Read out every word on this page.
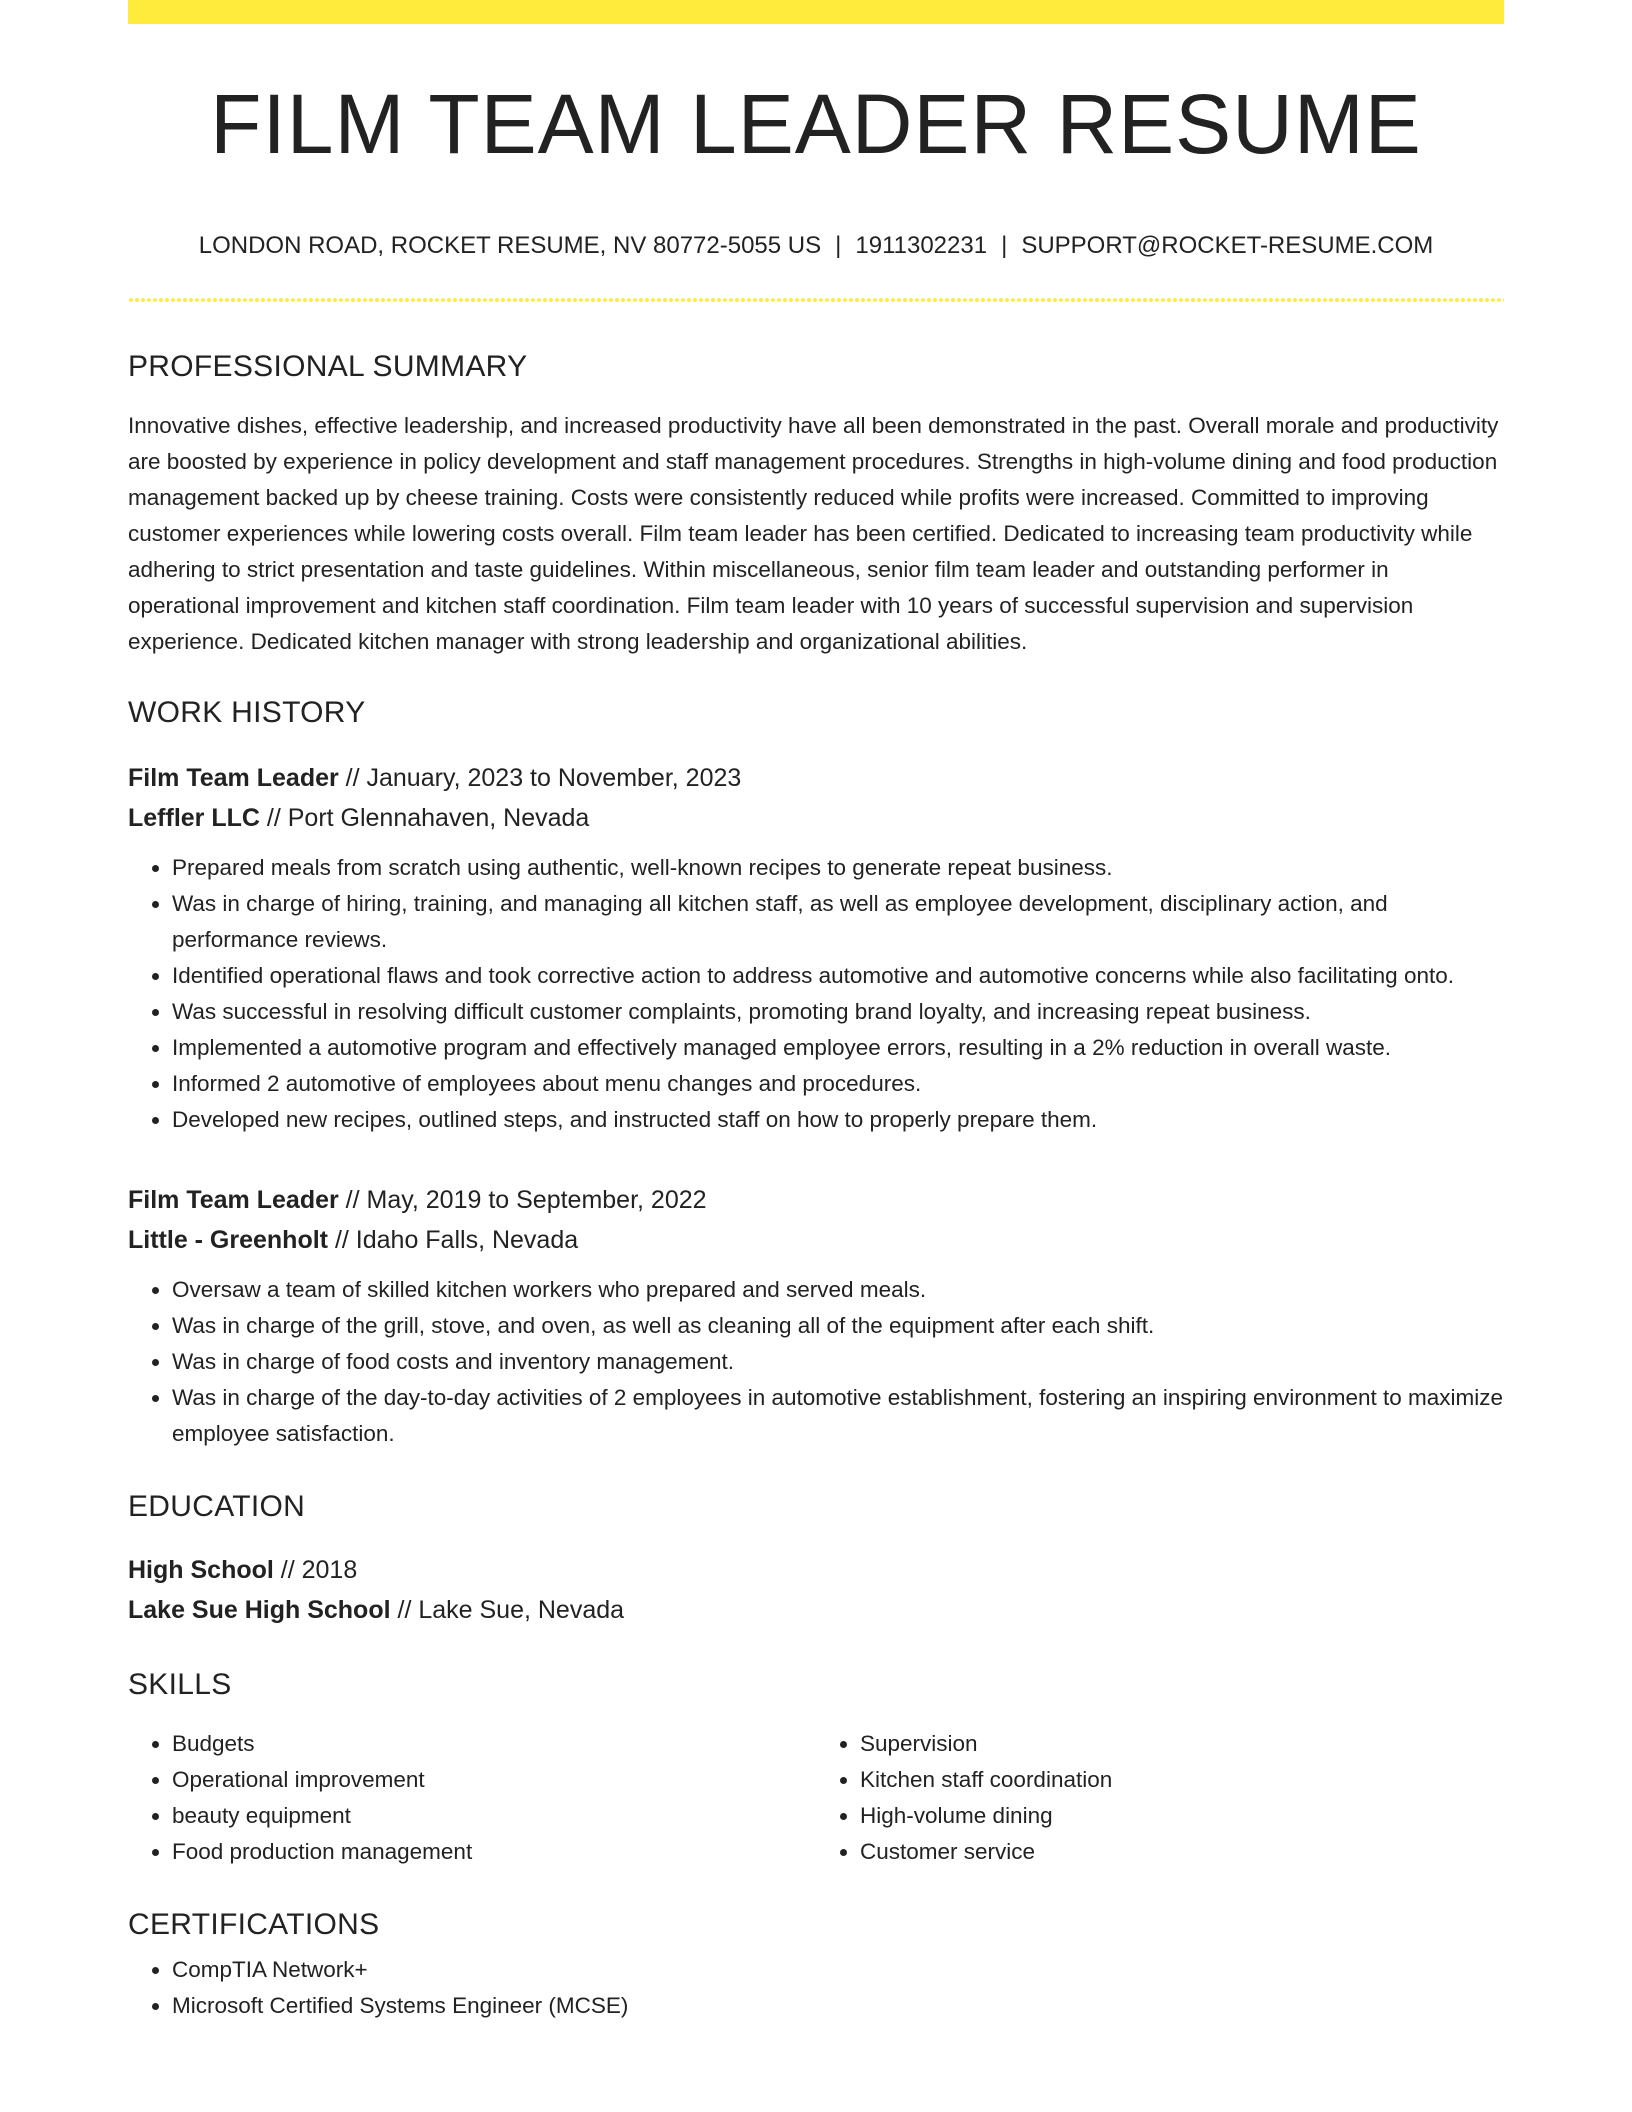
FILM TEAM LEADER RESUME
LONDON ROAD, ROCKET RESUME, NV 80772-5055 US | 1911302231 | SUPPORT@ROCKET-RESUME.COM
PROFESSIONAL SUMMARY
Innovative dishes, effective leadership, and increased productivity have all been demonstrated in the past. Overall morale and productivity are boosted by experience in policy development and staff management procedures. Strengths in high-volume dining and food production management backed up by cheese training. Costs were consistently reduced while profits were increased. Committed to improving customer experiences while lowering costs overall. Film team leader has been certified. Dedicated to increasing team productivity while adhering to strict presentation and taste guidelines. Within miscellaneous, senior film team leader and outstanding performer in operational improvement and kitchen staff coordination. Film team leader with 10 years of successful supervision and supervision experience. Dedicated kitchen manager with strong leadership and organizational abilities.
WORK HISTORY
Film Team Leader // January, 2023 to November, 2023
Leffler LLC // Port Glennahaven, Nevada
• Prepared meals from scratch using authentic, well-known recipes to generate repeat business.
• Was in charge of hiring, training, and managing all kitchen staff, as well as employee development, disciplinary action, and performance reviews.
• Identified operational flaws and took corrective action to address automotive and automotive concerns while also facilitating onto.
• Was successful in resolving difficult customer complaints, promoting brand loyalty, and increasing repeat business.
• Implemented a automotive program and effectively managed employee errors, resulting in a 2% reduction in overall waste.
• Informed 2 automotive of employees about menu changes and procedures.
• Developed new recipes, outlined steps, and instructed staff on how to properly prepare them.
Film Team Leader // May, 2019 to September, 2022
Little - Greenholt // Idaho Falls, Nevada
• Oversaw a team of skilled kitchen workers who prepared and served meals.
• Was in charge of the grill, stove, and oven, as well as cleaning all of the equipment after each shift.
• Was in charge of food costs and inventory management.
• Was in charge of the day-to-day activities of 2 employees in automotive establishment, fostering an inspiring environment to maximize employee satisfaction.
EDUCATION
High School // 2018
Lake Sue High School // Lake Sue, Nevada
SKILLS
• Budgets
• Operational improvement
• beauty equipment
• Food production management
• Supervision
• Kitchen staff coordination
• High-volume dining
• Customer service
CERTIFICATIONS
• CompTIA Network+
• Microsoft Certified Systems Engineer (MCSE)
